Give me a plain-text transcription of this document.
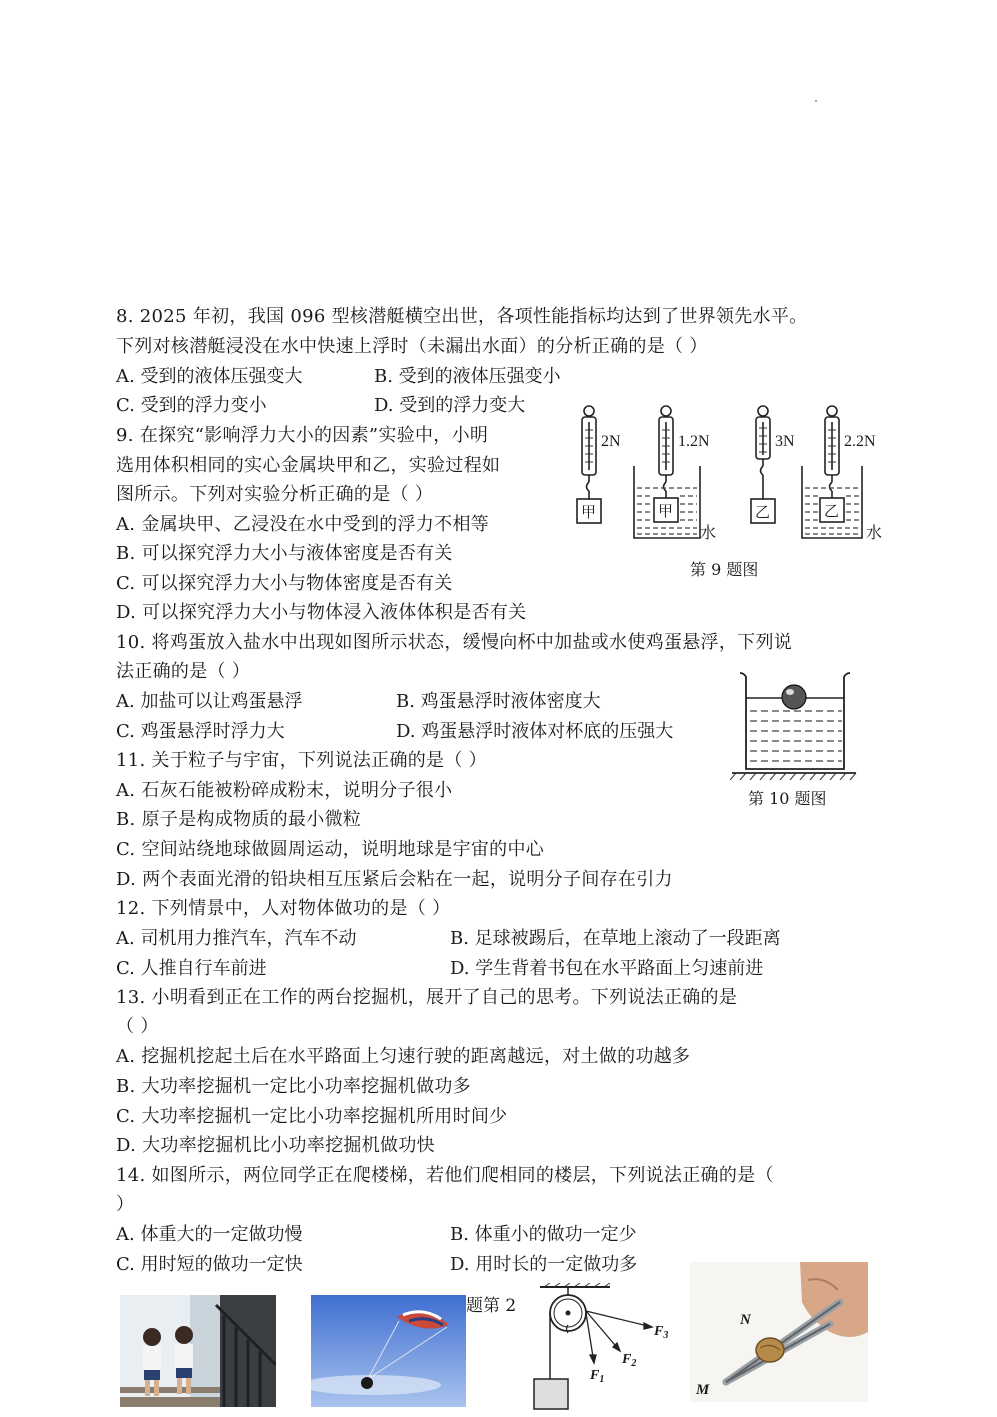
8. 2025 年初，我国 096 型核潜艇横空出世，各项性能指标均达到了世界领先水平。
下列对核潜艇浸没在水中快速上浮时（未漏出水面）的分析正确的是（ ）
A. 受到的液体压强变大	B. 受到的液体压强变小
C. 受到的浮力变小	D. 受到的浮力变大
9. 在探究“影响浮力大小的因素”实验中，小明
选用体积相同的实心金属块甲和乙，实验过程如
图所示。下列对实验分析正确的是（ ）
A. 金属块甲、乙浸没在水中受到的浮力不相等
B. 可以探究浮力大小与液体密度是否有关
C. 可以探究浮力大小与物体密度是否有关
D. 可以探究浮力大小与物体浸入液体体积是否有关
2N	1.2N	3N	2.2N
甲	甲	乙	乙
水	水
第 9 题图
10. 将鸡蛋放入盐水中出现如图所示状态，缓慢向杯中加盐或水使鸡蛋悬浮，下列说
法正确的是（ ）
A. 加盐可以让鸡蛋悬浮	B. 鸡蛋悬浮时液体密度大
C. 鸡蛋悬浮时浮力大	D. 鸡蛋悬浮时液体对杯底的压强大
第 10 题图
11. 关于粒子与宇宙，下列说法正确的是（ ）
A. 石灰石能被粉碎成粉末，说明分子很小
B. 原子是构成物质的最小微粒
C. 空间站绕地球做圆周运动，说明地球是宇宙的中心
D. 两个表面光滑的铅块相互压紧后会粘在一起，说明分子间存在引力
12. 下列情景中，人对物体做功的是（ ）
A. 司机用力推汽车，汽车不动	B. 足球被踢后，在草地上滚动了一段距离
C. 人推自行车前进	D. 学生背着书包在水平路面上匀速前进
13. 小明看到正在工作的两台挖掘机，展开了自己的思考。下列说法正确的是
（ ）
A. 挖掘机挖起土后在水平路面上匀速行驶的距离越远，对土做的功越多
B. 大功率挖掘机一定比小功率挖掘机做功多
C. 大功率挖掘机一定比小功率挖掘机所用时间少
D. 大功率挖掘机比小功率挖掘机做功快
14. 如图所示，两位同学正在爬楼梯，若他们爬相同的楼层，下列说法正确的是（
）
A. 体重大的一定做功慢	B. 体重小的做功一定少
C. 用时短的做功一定快	D. 用时长的一定做功多
题第 2
$F_1$
$F_2$
$F_3$
N
M
